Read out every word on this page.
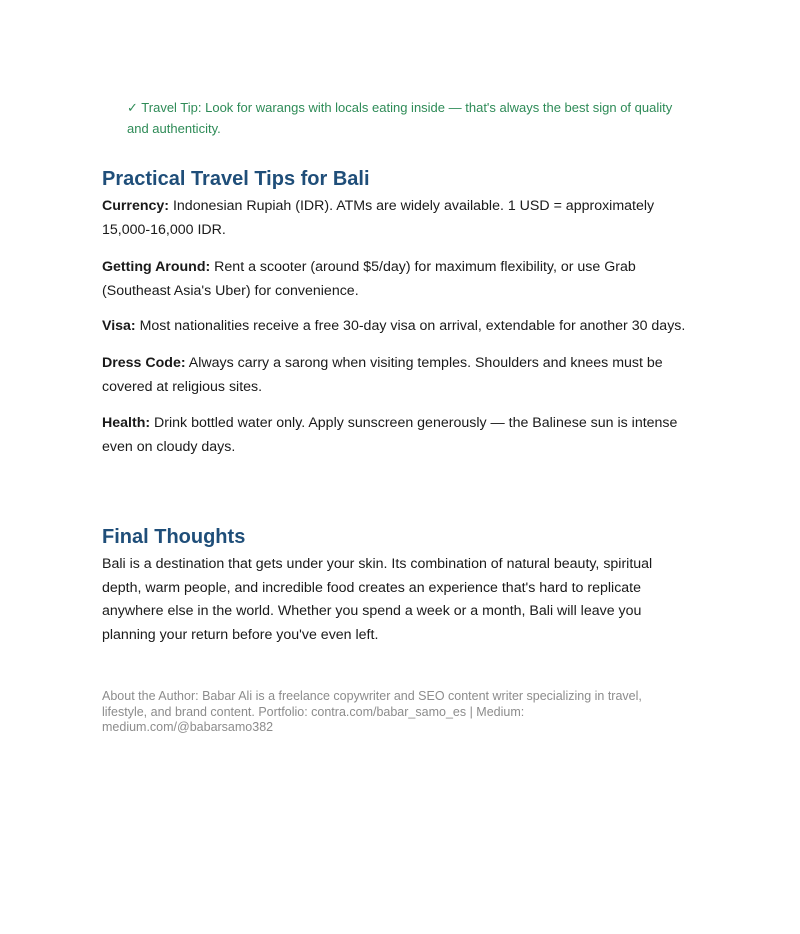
✓ Travel Tip: Look for warangs with locals eating inside — that's always the best sign of quality and authenticity.
Practical Travel Tips for Bali

Currency: Indonesian Rupiah (IDR). ATMs are widely available. 1 USD = approximately 15,000-16,000 IDR.

Getting Around: Rent a scooter (around $5/day) for maximum flexibility, or use Grab (Southeast Asia's Uber) for convenience.

Visa: Most nationalities receive a free 30-day visa on arrival, extendable for another 30 days.

Dress Code: Always carry a sarong when visiting temples. Shoulders and knees must be covered at religious sites.

Health: Drink bottled water only. Apply sunscreen generously — the Balinese sun is intense even on cloudy days.

Final Thoughts

Bali is a destination that gets under your skin. Its combination of natural beauty, spiritual depth, warm people, and incredible food creates an experience that's hard to replicate anywhere else in the world. Whether you spend a week or a month, Bali will leave you planning your return before you've even left.

About the Author: Babar Ali is a freelance copywriter and SEO content writer specializing in travel, lifestyle, and brand content. Portfolio: contra.com/babar_samo_es | Medium: medium.com/@babarsamo382
